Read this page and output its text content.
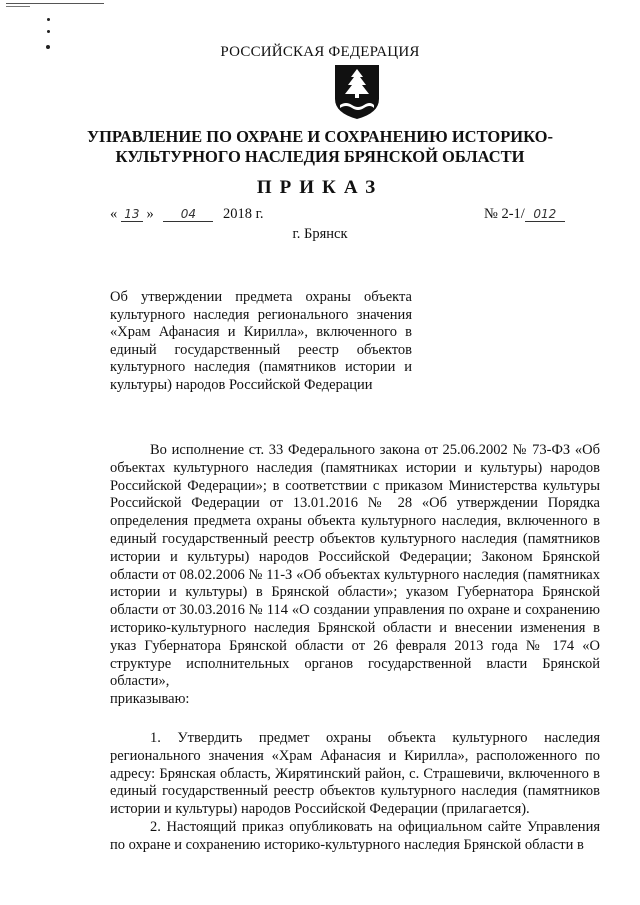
РОССИЙСКАЯ ФЕДЕРАЦИЯ
УПРАВЛЕНИЕ ПО ОХРАНЕ И СОХРАНЕНИЮ ИСТОРИКО-
КУЛЬТУРНОГО НАСЛЕДИЯ БРЯНСКОЙ ОБЛАСТИ
ПРИКАЗ
« 13 » 04 2018 г.	№ 2-1/ 012
г. Брянск

Об утверждении предмета охраны объекта

культурного наследия регионального значения

«Храм Афанасия и Кирилла», включенного в

единый государственный реестр объектов

культурного наследия (памятников истории и

культуры) народов Российской Федерации

Во исполнение ст. 33 Федерального закона от 25.06.2002 № 73-ФЗ «Об объектах культурного наследия (памятниках истории и культуры) народов Российской Федерации»; в соответствии с приказом Министерства культуры Российской Федерации от 13.01.2016 № 28 «Об утверждении Порядка определения предмета охраны объекта культурного наследия, включенного в единый государственный реестр объектов культурного наследия (памятников истории и культуры) народов Российской Федерации; Законом Брянской области от 08.02.2006 № 11-З «Об объектах культурного наследия (памятниках истории и культуры) в Брянской области»; указом Губернатора Брянской области от 30.03.2016 № 114 «О создании управления по охране и сохранению историко-культурного наследия Брянской области и внесении изменения в указ Губернатора Брянской области от 26 февраля 2013 года № 174 «О структуре исполнительных органов государственной власти Брянской области»,

приказываю:

1. Утвердить предмет охраны объекта культурного наследия регионального значения «Храм Афанасия и Кирилла», расположенного по адресу: Брянская область, Жирятинский район, с. Страшевичи, включенного в единый государственный реестр объектов культурного наследия (памятников истории и культуры) народов Российской Федерации (прилагается).

2. Настоящий приказ опубликовать на официальном сайте Управления по охране и сохранению историко-культурного наследия Брянской области в
